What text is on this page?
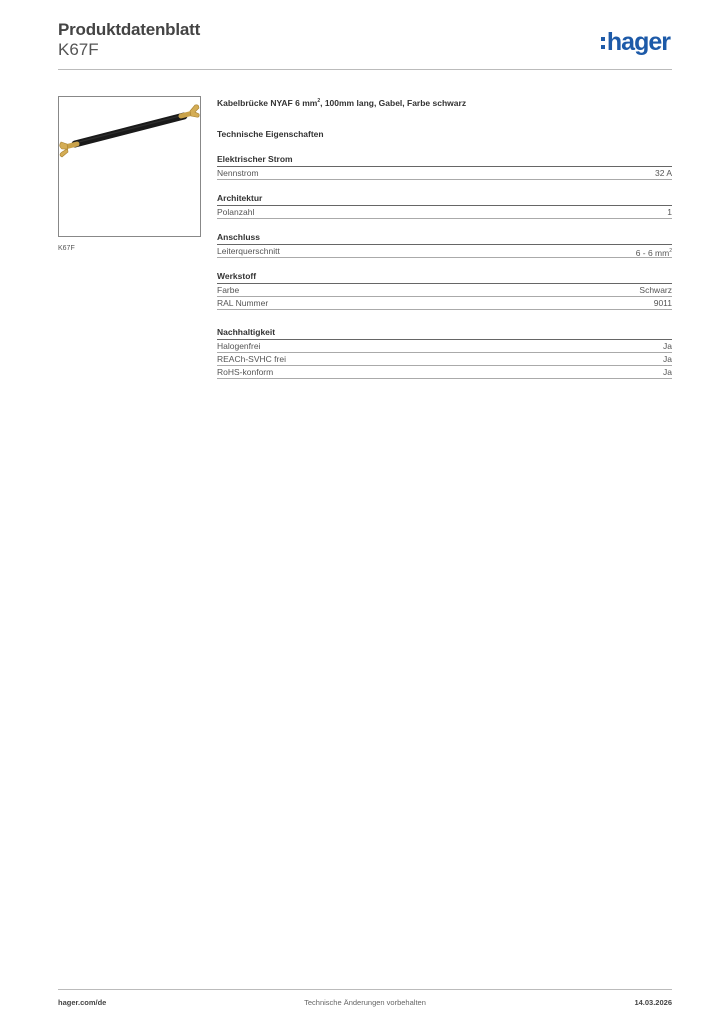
Produktdatenblatt
K67F	hager
K67F
Kabelbrücke NYAF 6 $mm^2$, 100mm lang, Gabel, Farbe schwarz
Technische Eigenschaften
Elektrischer Strom
Nennstrom	32 A
Architektur
Polanzahl	1
Anschluss
Leiterquerschnitt	6 - 6 $mm^2$
Werkstoff
Farbe	Schwarz
RAL Nummer	9011
Nachhaltigkeit
Halogenfrei	Ja
REACh-SVHC frei	Ja
RoHS-konform	Ja
hager.com/de	Technische Änderungen vorbehalten	14.03.2026
